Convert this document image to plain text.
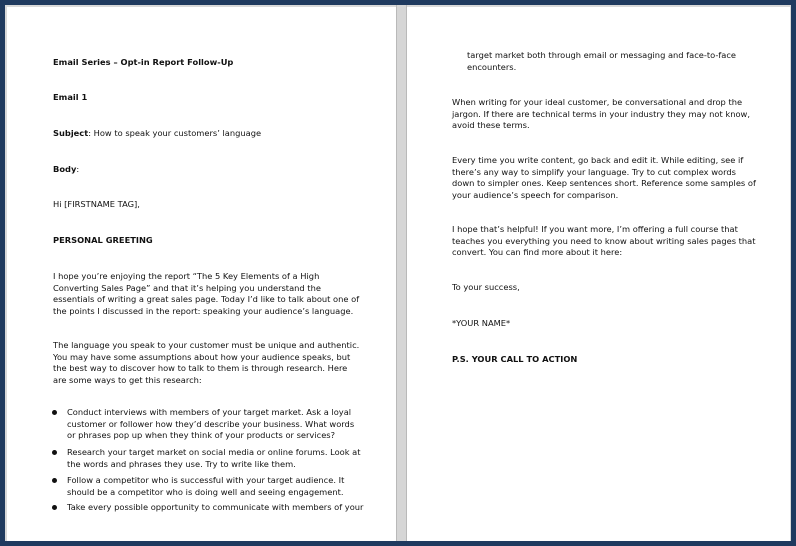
Email Series – Opt-in Report Follow-Up
Email 1
Subject: How to speak your customers’ language
Body:
Hi [FIRSTNAME TAG],
PERSONAL GREETING
I hope you’re enjoying the report “The 5 Key Elements of a High
Converting Sales Page” and that it’s helping you understand the
essentials of writing a great sales page. Today I’d like to talk about one of
the points I discussed in the report: speaking your audience’s language.
The language you speak to your customer must be unique and authentic.
You may have some assumptions about how your audience speaks, but
the best way to discover how to talk to them is through research. Here
are some ways to get this research:
Conduct interviews with members of your target market. Ask a loyal
customer or follower how they’d describe your business. What words
or phrases pop up when they think of your products or services?
Research your target market on social media or online forums. Look at
the words and phrases they use. Try to write like them.
Follow a competitor who is successful with your target audience. It
should be a competitor who is doing well and seeing engagement.
Take every possible opportunity to communicate with members of your
target market both through email or messaging and face-to-face
encounters.
When writing for your ideal customer, be conversational and drop the
jargon. If there are technical terms in your industry they may not know,
avoid these terms.
Every time you write content, go back and edit it. While editing, see if
there’s any way to simplify your language. Try to cut complex words
down to simpler ones. Keep sentences short. Reference some samples of
your audience’s speech for comparison.
I hope that’s helpful! If you want more, I’m offering a full course that
teaches you everything you need to know about writing sales pages that
convert. You can find more about it here:
To your success,
*YOUR NAME*
P.S. YOUR CALL TO ACTION
